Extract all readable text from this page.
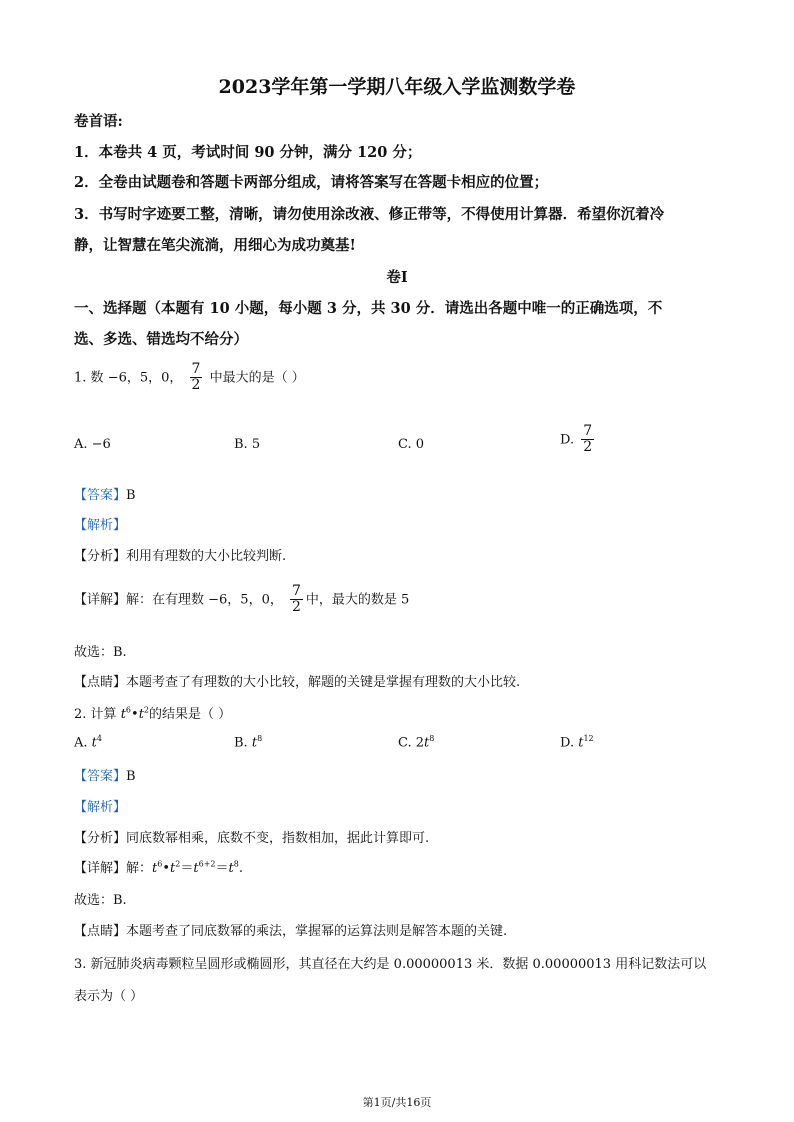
2023学年第一学期八年级入学监测数学卷
卷首语:
1．本卷共 4 页，考试时间 90 分钟，满分 120 分；
2．全卷由试题卷和答题卡两部分组成，请将答案写在答题卡相应的位置；
3．书写时字迹要工整，清晰，请勿使用涂改液、修正带等，不得使用计算器．希望你沉着冷
静，让智慧在笔尖流淌，用细心为成功奠基!
卷Ⅰ
一、选择题（本题有 10 小题，每小题 3 分，共 30 分．请选出各题中唯一的正确选项，不
选、多选、错选均不给分）
1. 数 −6，5，0， $\frac{7}{2}$ 中最大的是（ ）
A. −6	B. 5	C. 0	D. $\frac{7}{2}$
【答案】B
【解析】
【分析】利用有理数的大小比较判断.
【详解】解：在有理数 −6，5，0， $\frac{7}{2}$ 中，最大的数是 5
故选：B.
【点睛】本题考查了有理数的大小比较，解题的关键是掌握有理数的大小比较.
2. 计算 $t^6•t^2$的结果是（ ）
A. $t^4$	B. $t^8$	C. $2t^8$	D. $t^{12}$
【答案】B
【解析】
【分析】同底数幂相乘，底数不变，指数相加，据此计算即可.
【详解】解：$t^6•t^2=t^{6+2}=t^8$.
故选：B.
【点睛】本题考查了同底数幂的乘法，掌握幂的运算法则是解答本题的关键.
3. 新冠肺炎病毒颗粒呈圆形或椭圆形，其直径在大约是 0.00000013 米．数据 0.00000013 用科记数法可以
表示为（ ）
第1页/共16页
